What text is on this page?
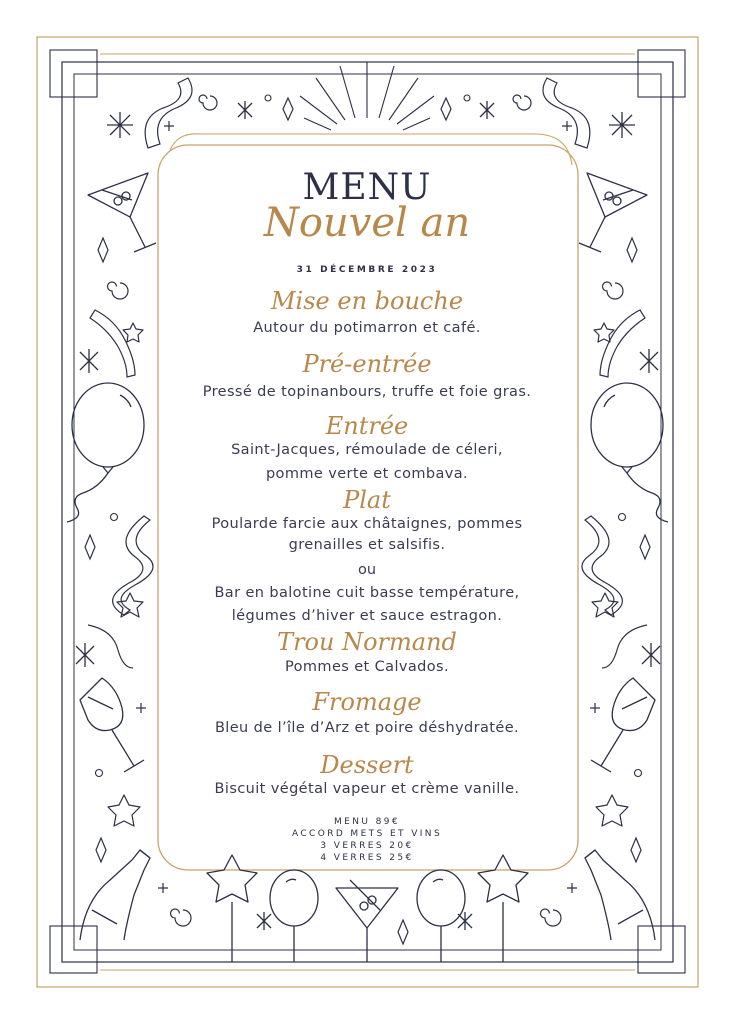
MENU
Nouvel an
31 DÉCEMBRE 2023
Mise en bouche
Autour du potimarron et café.
Pré-entrée
Pressé de topinanbours, truffe et foie gras.
Entrée
Saint-Jacques, rémoulade de céleri,
pomme verte et combava.
Plat
Poularde farcie aux châtaignes, pommes
grenailles et salsifis.
ou
Bar en balotine cuit basse température,
légumes d’hiver et sauce estragon.
Trou Normand
Pommes et Calvados.
Fromage
Bleu de l’île d’Arz et poire déshydratée.
Dessert
Biscuit végétal vapeur et crème vanille.
MENU 89€
ACCORD METS ET VINS
3 VERRES 20€
4 VERRES 25€
